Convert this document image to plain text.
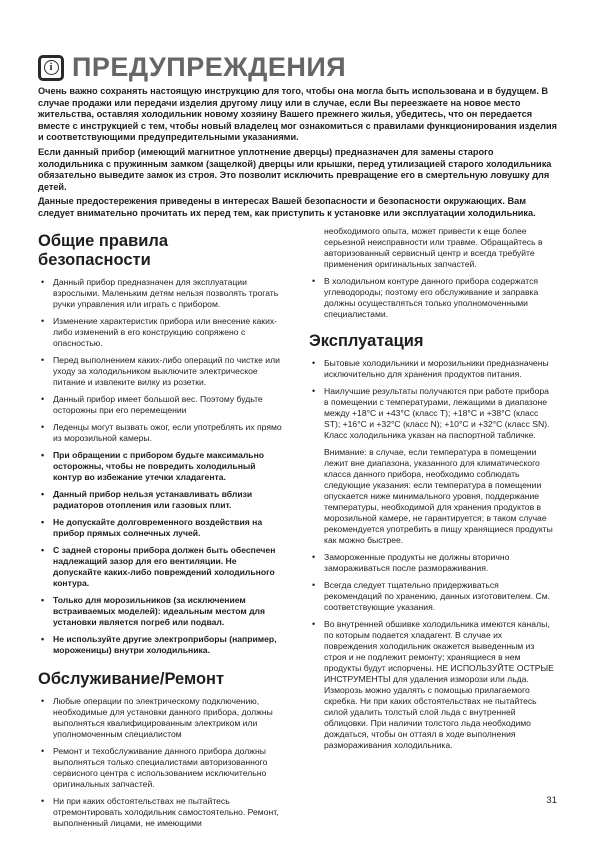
i ПРЕДУПРЕЖДЕНИЯ

Очень важно сохранять настоящую инструкцию для того, чтобы она могла быть использована и в будущем. В случае продажи или передачи изделия другому лицу или в случае, если Вы переезжаете на новое место жительства, оставляя холодильник новому хозяину Вашего прежнего жилья, убедитесь, что он передается вместе с инструкцией с тем, чтобы новый владелец мог ознакомиться с правилами функционирования изделия и соответствующими предупредительными указаниями.

Если данный прибор (имеющий магнитное уплотнение дверцы) предназначен для замены старого холодильника с пружинным замком (защелкой) дверцы или крышки, перед утилизацией старого холодильника обязательно выведите замок из строя. Это позволит исключить превращение его в смертельную ловушку для детей.

Данные предостережения приведены в интересах Вашей безопасности и безопасности окружающих. Вам следует внимательно прочитать их перед тем, как приступить к установке или эксплуатации холодильника.

Общие правила безопасности
• Данный прибор предназначен для эксплуатации взрослыми. Маленьким детям нельзя позволять трогать ручки управления или играть с прибором.
• Изменение характеристик прибора или внесение каких-либо изменений в его конструкцию сопряжено с опасностью.
• Перед выполнением каких-либо операций по чистке или уходу за холодильником выключите электрическое питание и извлеките вилку из розетки.
• Данный прибор имеет большой вес. Поэтому будьте осторожны при его перемещении
• Леденцы могут вызвать ожог, если употреблять их прямо из морозильной камеры.
• При обращении с прибором будьте максимально осторожны, чтобы не повредить холодильный контур во избежание утечки хладагента.
• Данный прибор нельзя устанавливать вблизи радиаторов отопления или газовых плит.
• Не допускайте долговременного воздействия на прибор прямых солнечных лучей.
• С задней стороны прибора должен быть обеспечен надлежащий зазор для его вентиляции. Не допускайте каких-либо повреждений холодильного контура.
• Только для морозильников (за исключением встраиваемых моделей): идеальным местом для установки является погреб или подвал.
• Не используйте другие электроприборы (например, мороженицы) внутри холодильника.
Обслуживание/Ремонт
• Любые операции по электрическому подключению, необходимые для установки данного прибора, должны выполняться квалифицированным электриком или уполномоченным специалистом
• Ремонт и техобслуживание данного прибора должны выполняться только специалистами авторизованного сервисного центра с использованием исключительно оригинальных запчастей.
• Ни при каких обстоятельствах не пытайтесь отремонтировать холодильник самостоятельно. Ремонт, выполненный лицами, не имеющими

необходимого опыта, может привести к еще более серьезной неисправности или травме. Обращайтесь в авторизованный сервисный центр и всегда требуйте применения оригинальных запчастей.

• В холодильном контуре данного прибора содержатся углеводороды; поэтому его обслуживание и заправка должны осуществляться только уполномоченными специалистами.
Эксплуатация
• Бытовые холодильники и морозильники предназначены исключительно для хранения продуктов питания.

• Наилучшие результаты получаются при работе прибора в помещении с температурами, лежащими в диапазоне между +18°C и +43°C (класс T); +18°C и +38°C (класс ST); +16°C и +32°C (класс N); +10°C и +32°C (класс SN). Класс холодильника указан на паспортной табличке.

Внимание: в случае, если температура в помещении лежит вне диапазона, указанного для климатического класса данного прибора, необходимо соблюдать следующие указания: если температура в помещении опускается ниже минимального уровня, поддержание температуры, необходимой для хранения продуктов в морозильной камере, не гарантируется; в таком случае рекомендуется употребить в пищу хранящиеся продукты как можно быстрее.

• Замороженные продукты не должны вторично замораживаться после размораживания.
• Всегда следует тщательно придерживаться рекомендаций по хранению, данных изготовителем. См. соответствующие указания.
• Во внутренней обшивке холодильника имеются каналы, по которым подается хладагент. В случае их повреждения холодильник окажется выведенным из строя и не подлежит ремонту; хранящиеся в нем продукты будут испорчены. НЕ ИСПОЛЬЗУЙТЕ ОСТРЫЕ ИНСТРУМЕНТЫ для удаления изморози или льда. Изморозь можно удалять с помощью прилагаемого скребка. Ни при каких обстоятельствах не пытайтесь силой удалить толстый слой льда с внутренней облицовки. При наличии толстого льда необходимо дождаться, чтобы он оттаял в ходе выполнения размораживания холодильника.
31
